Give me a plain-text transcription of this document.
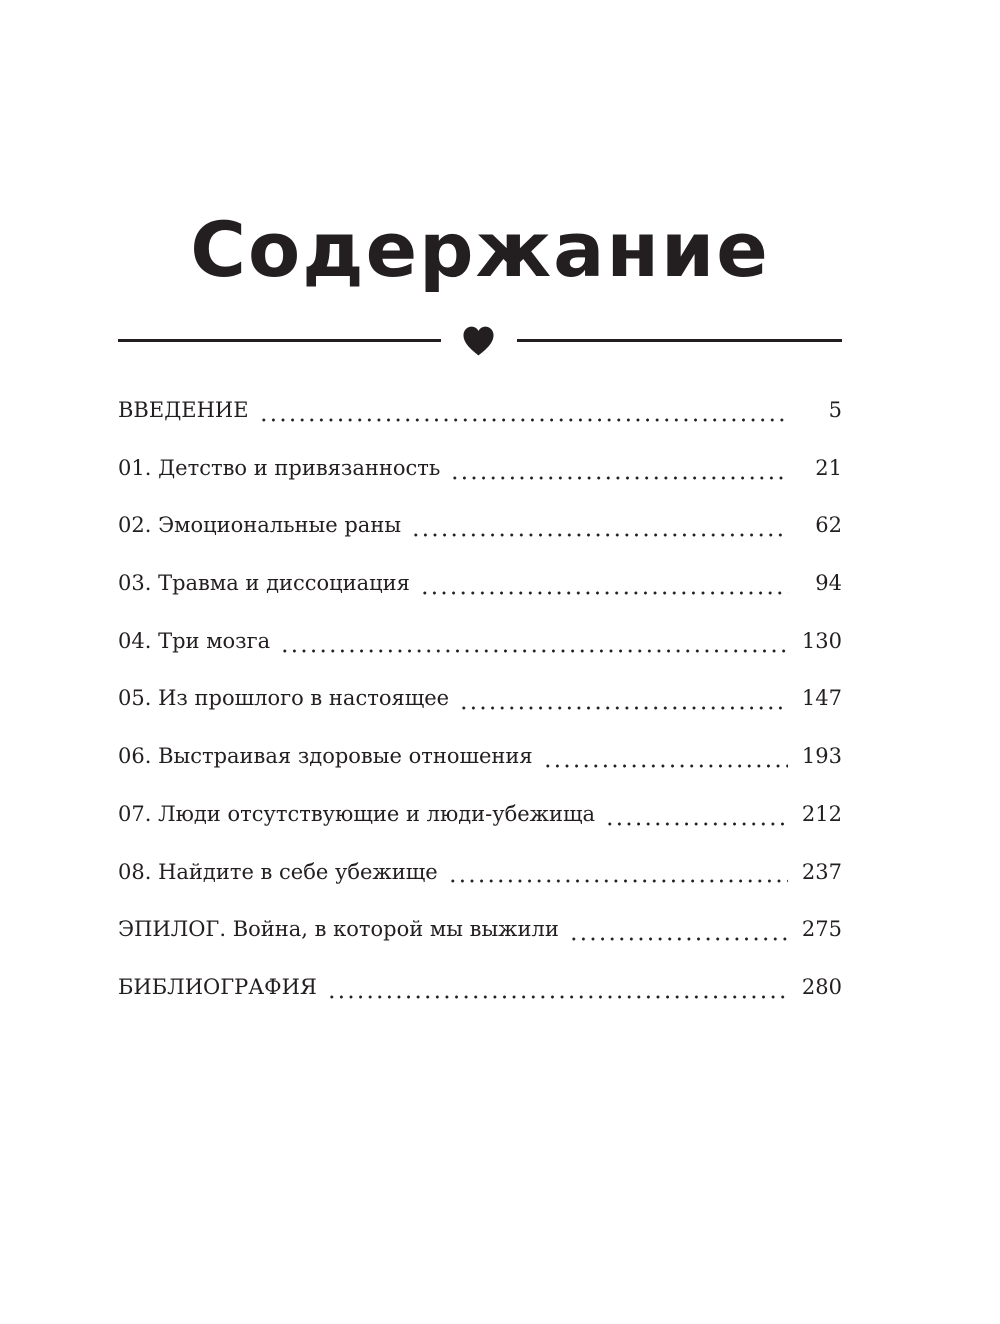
Содержание
ВВЕДЕНИЕ	5
01. Детство и привязанность	21
02. Эмоциональные раны	62
03. Травма и диссоциация	94
04. Три мозга	130
05. Из прошлого в настоящее	147
06. Выстраивая здоровые отношения	193
07. Люди отсутствующие и люди-убежища	212
08. Найдите в себе убежище	237
ЭПИЛОГ. Война, в которой мы выжили	275
БИБЛИОГРАФИЯ	280
